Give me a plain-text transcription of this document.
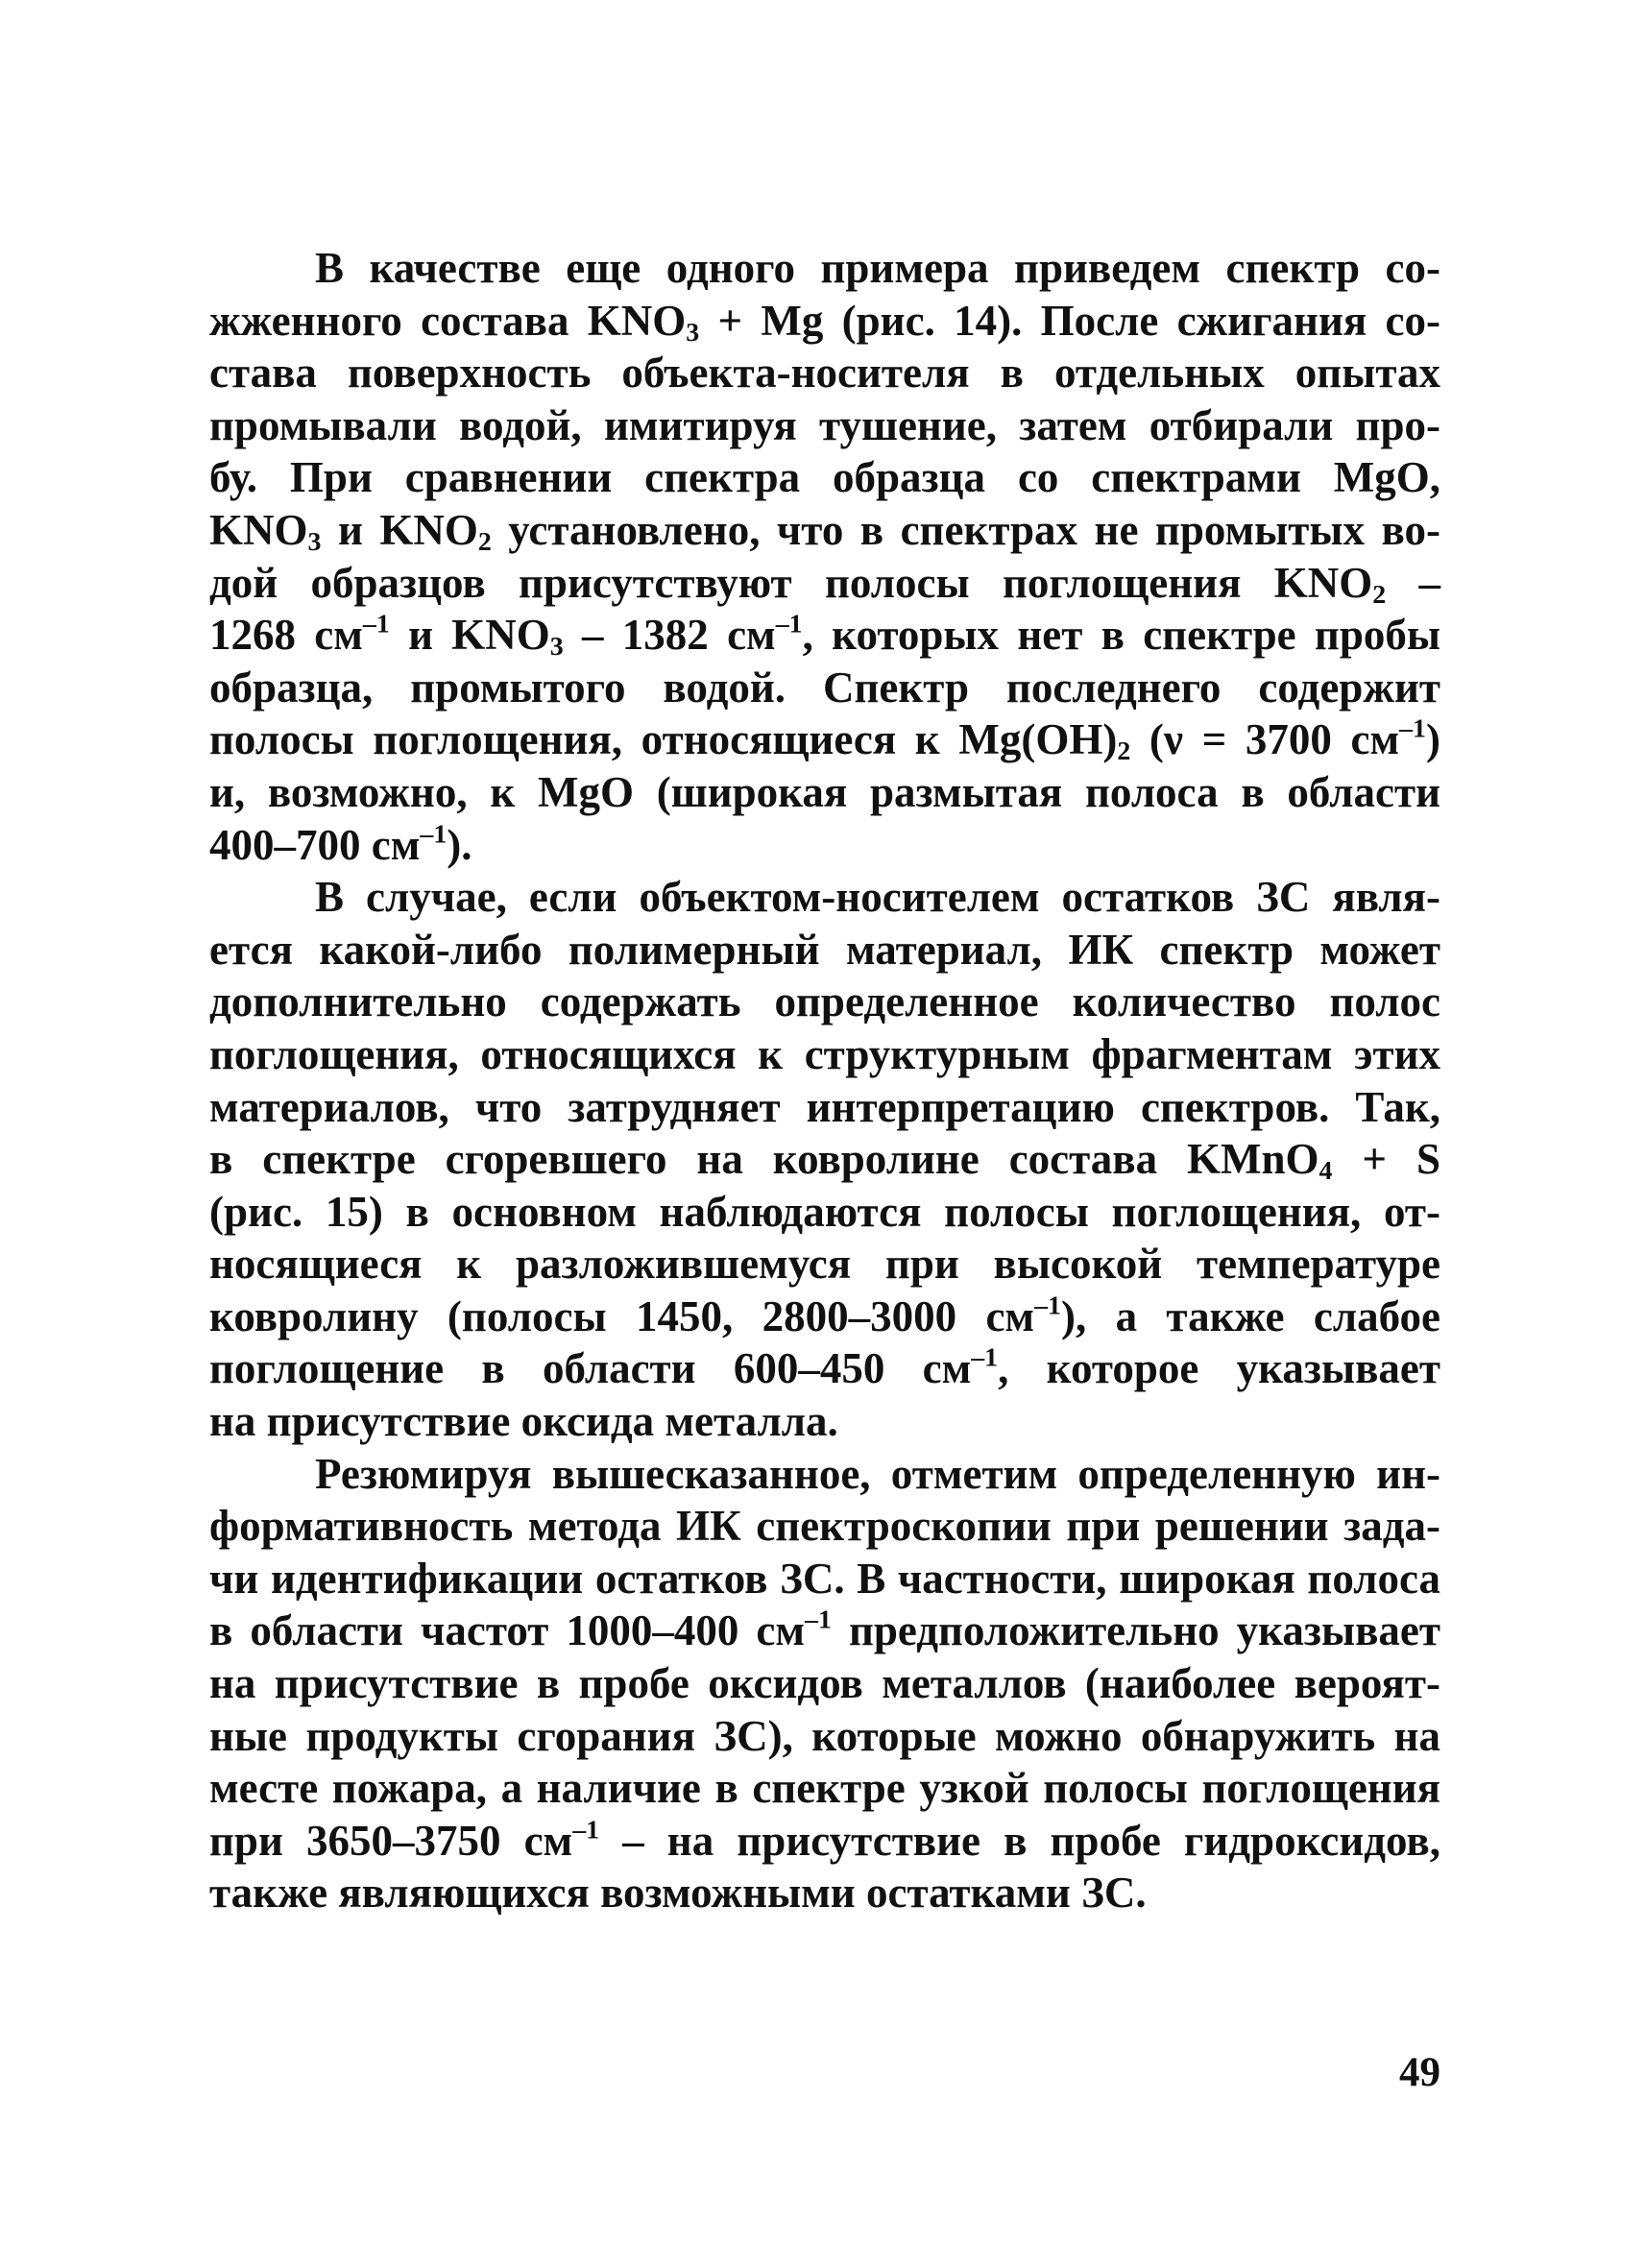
В качестве еще одного примера приведем спектр со-
жженного состава $KNO_3 + Mg$ (рис. 14). После сжигания со-
става поверхность объекта-носителя в отдельных опытах
промывали водой, имитируя тушение, затем отбирали про-
бу. При сравнении спектра образца со спектрами MgO,
$KNO_3$ и $KNO_2$ установлено, что в спектрах не промытых во-
дой образцов присутствуют полосы поглощения $KNO_2$ –
1268 $см^{-1}$ и $KNO_3 - 1382$ $см^{-1}$, которых нет в спектре пробы
образца, промытого водой. Спектр последнего содержит
полосы поглощения, относящиеся к $Mg(OH)_2$ (ν = 3700 $см^{-1}$)
и, возможно, к MgO (широкая размытая полоса в области
400–700 $см^{-1}$).
В случае, если объектом-носителем остатков ЗС явля-
ется какой-либо полимерный материал, ИК спектр может
дополнительно содержать определенное количество полос
поглощения, относящихся к структурным фрагментам этих
материалов, что затрудняет интерпретацию спектров. Так,
в спектре сгоревшего на ковролине состава KMnO$_4$ + S
(рис. 15) в основном наблюдаются полосы поглощения, от-
носящиеся к разложившемуся при высокой температуре
ковролину (полосы 1450, 2800–3000 $см^{-1}$), а также слабое
поглощение в области 600–450 $см^{-1}$, которое указывает
на присутствие оксида металла.
Резюмируя вышесказанное, отметим определенную ин-
формативность метода ИК спектроскопии при решении зада-
чи идентификации остатков ЗС. В частности, широкая полоса
в области частот 1000–400 $см^{-1}$ предположительно указывает
на присутствие в пробе оксидов металлов (наиболее вероят-
ные продукты сгорания ЗС), которые можно обнаружить на
месте пожара, а наличие в спектре узкой полосы поглощения
при 3650–3750 $см^{-1}$ – на присутствие в пробе гидроксидов,
также являющихся возможными остатками ЗС.
49
